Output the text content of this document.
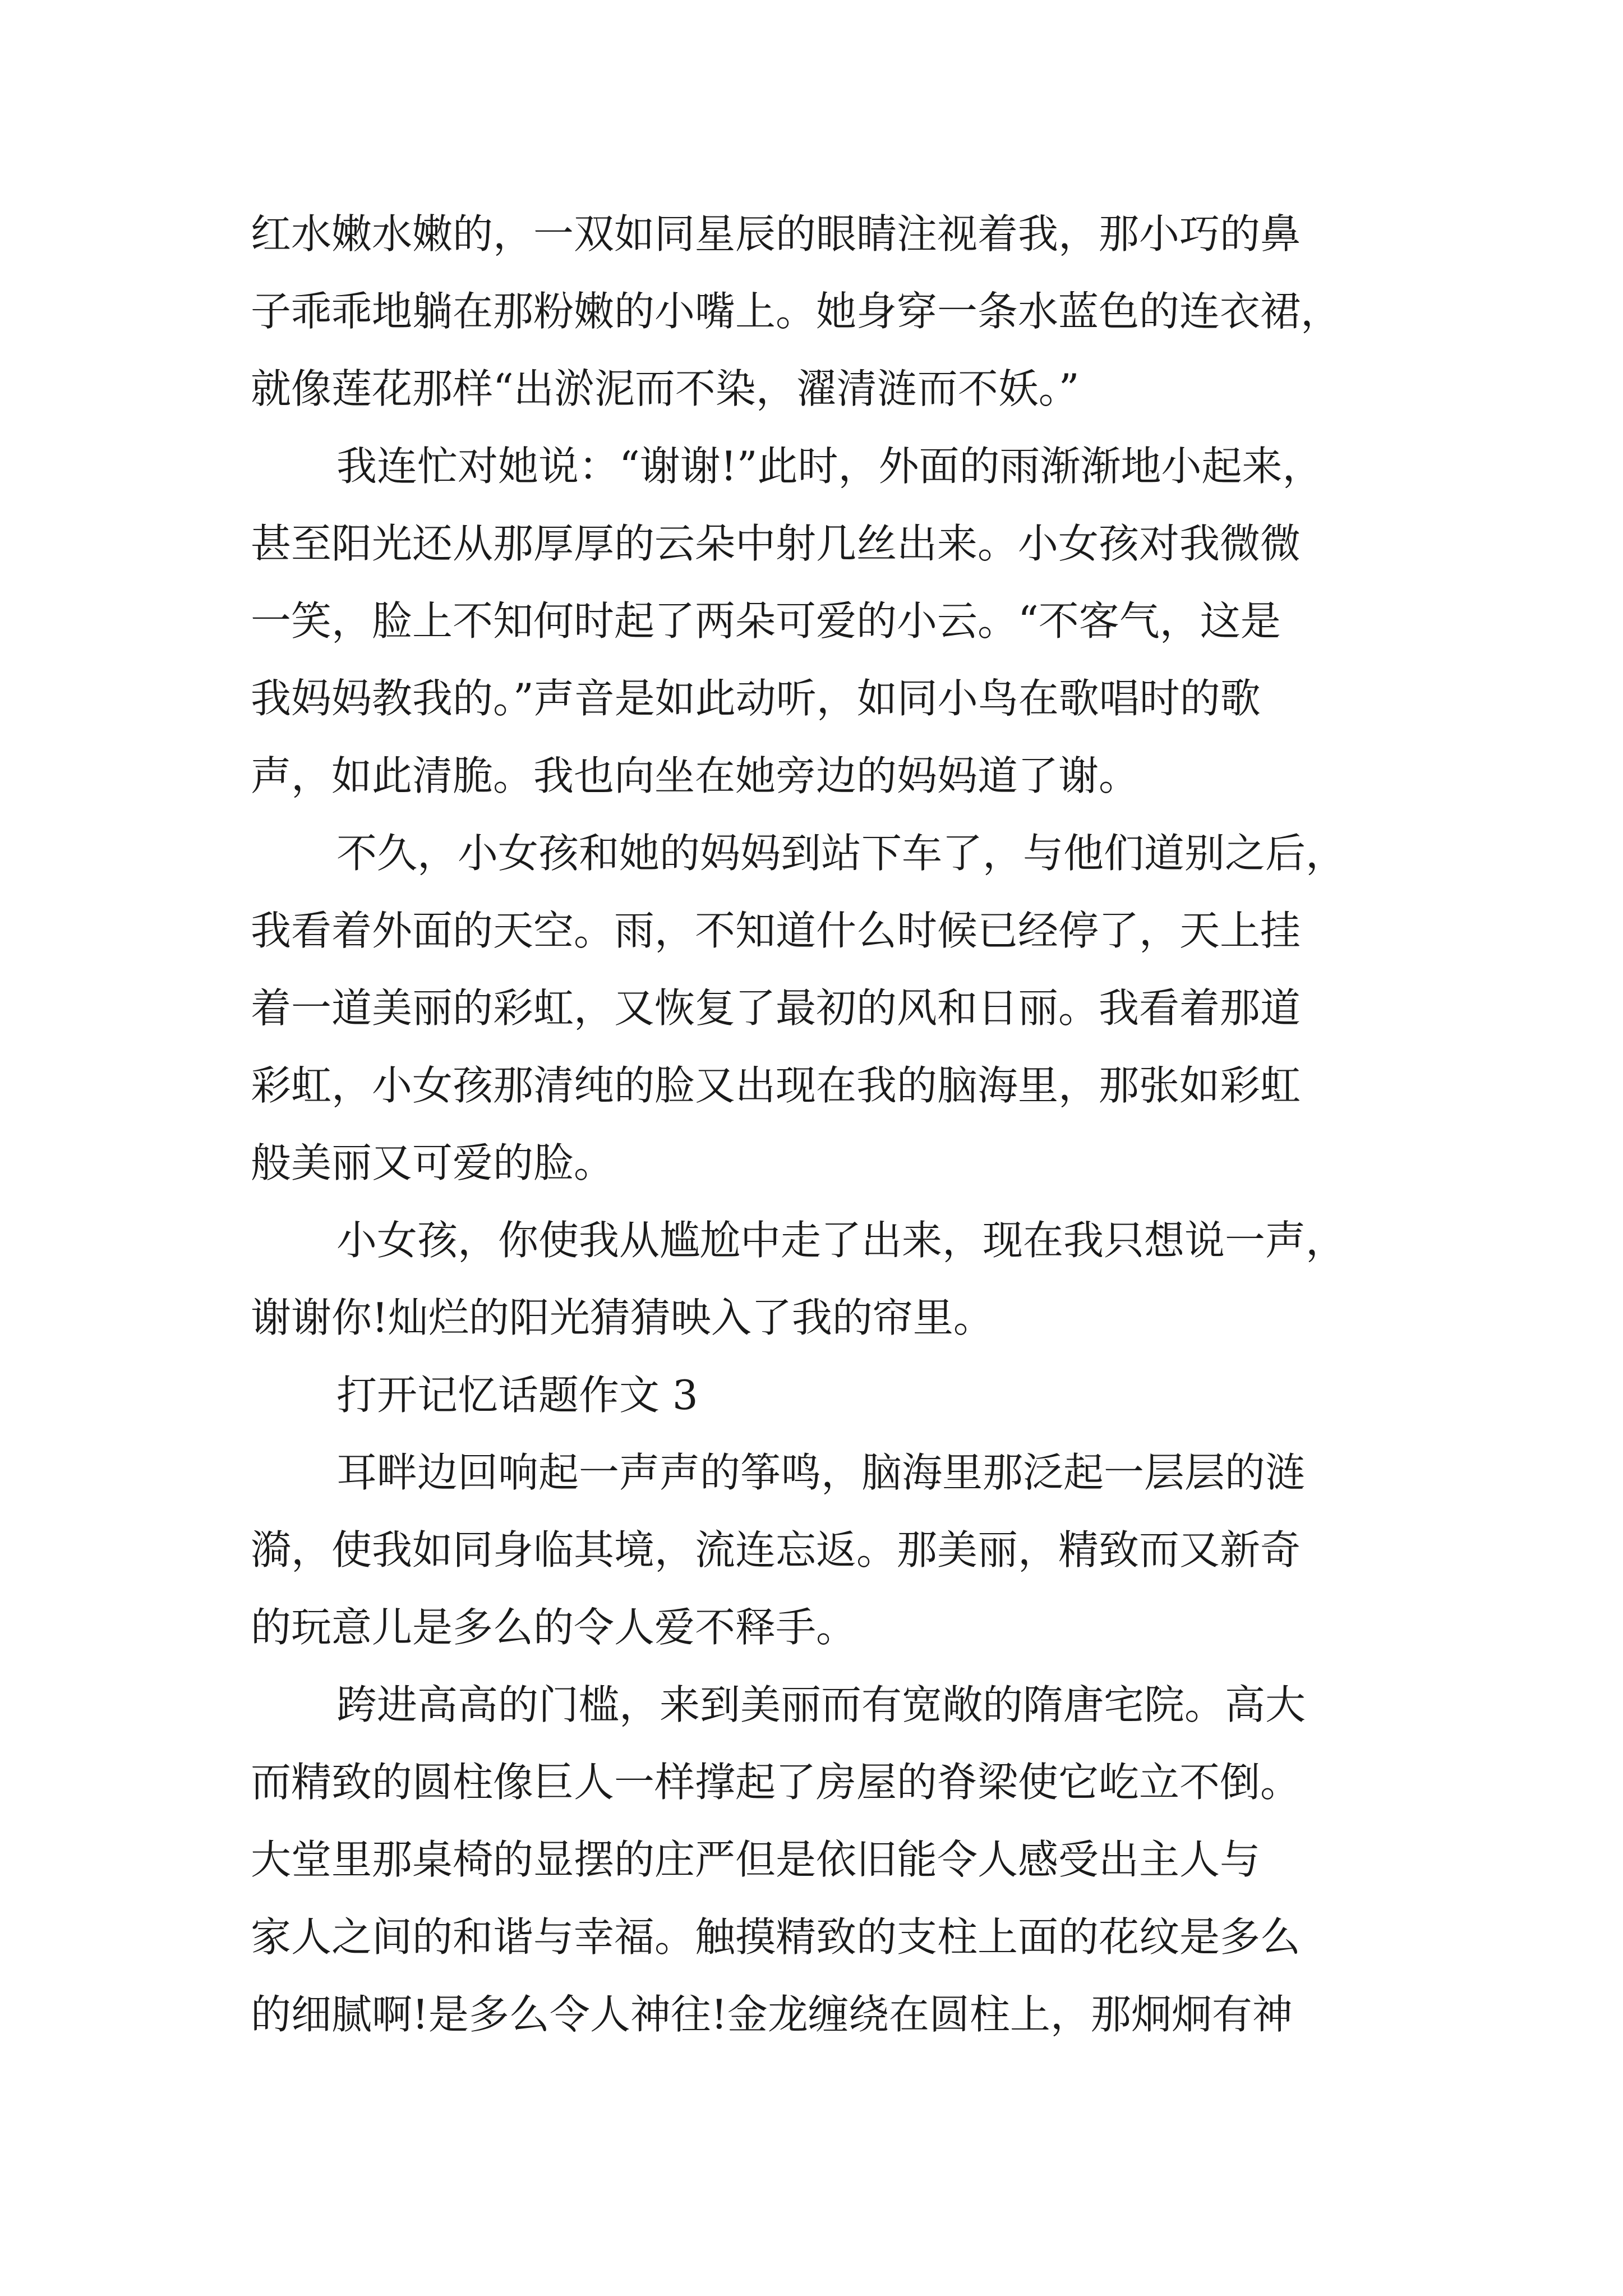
红水嫩水嫩的，一双如同星辰的眼睛注视着我，那小巧的鼻
子乖乖地躺在那粉嫩的小嘴上。她身穿一条水蓝色的连衣裙，
就像莲花那样“出淤泥而不染，濯清涟而不妖。”
我连忙对她说：“谢谢!”此时，外面的雨渐渐地小起来，
甚至阳光还从那厚厚的云朵中射几丝出来。小女孩对我微微
一笑，脸上不知何时起了两朵可爱的小云。“不客气，这是
我妈妈教我的。”声音是如此动听，如同小鸟在歌唱时的歌
声，如此清脆。我也向坐在她旁边的妈妈道了谢。
不久，小女孩和她的妈妈到站下车了，与他们道别之后，
我看着外面的天空。雨，不知道什么时候已经停了，天上挂
着一道美丽的彩虹，又恢复了最初的风和日丽。我看着那道
彩虹，小女孩那清纯的脸又出现在我的脑海里，那张如彩虹
般美丽又可爱的脸。
小女孩，你使我从尴尬中走了出来，现在我只想说一声，
谢谢你!灿烂的阳光猜猜映入了我的帘里。
打开记忆话题作文 3
耳畔边回响起一声声的筝鸣，脑海里那泛起一层层的涟
漪，使我如同身临其境，流连忘返。那美丽，精致而又新奇
的玩意儿是多么的令人爱不释手。
跨进高高的门槛，来到美丽而有宽敞的隋唐宅院。高大
而精致的圆柱像巨人一样撑起了房屋的脊梁使它屹立不倒。
大堂里那桌椅的显摆的庄严但是依旧能令人感受出主人与
家人之间的和谐与幸福。触摸精致的支柱上面的花纹是多么
的细腻啊!是多么令人神往!金龙缠绕在圆柱上，那炯炯有神
